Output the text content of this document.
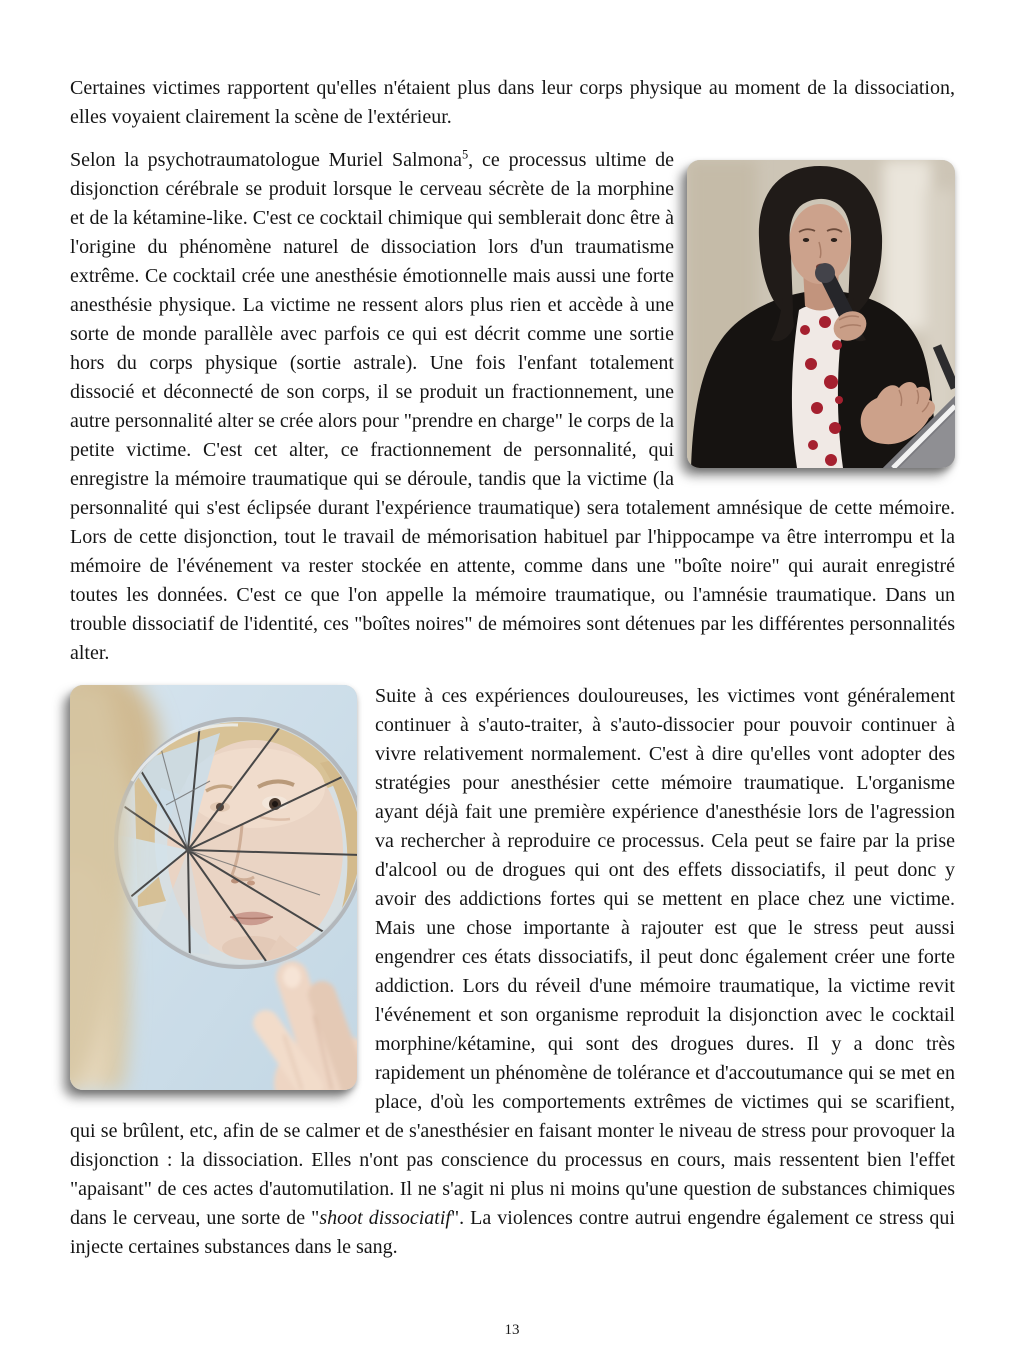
Certaines victimes rapportent qu'elles n'étaient plus dans leur corps physique au moment de la dissociation, elles voyaient clairement la scène de l'extérieur.

Selon la psychotraumatologue Muriel Salmona$^5$, ce processus ultime de disjonction cérébrale se produit lorsque le cerveau sécrète de la morphine et de la kétamine-like. C'est ce cocktail chimique qui semblerait donc être à l'origine du phénomène naturel de dissociation lors d'un traumatisme extrême. Ce cocktail crée une anesthésie émotionnelle mais aussi une forte anesthésie physique. La victime ne ressent alors plus rien et accède à une sorte de monde parallèle avec parfois ce qui est décrit comme une sortie hors du corps physique (sortie astrale). Une fois l'enfant totalement dissocié et déconnecté de son corps, il se produit un fractionnement, une autre personnalité alter se crée alors pour "prendre en charge" le corps de la petite victime. C'est cet alter, ce fractionnement de personnalité, qui enregistre la mémoire traumatique qui se déroule, tandis que la victime (la personnalité qui s'est éclipsée durant l'expérience traumatique) sera totalement amnésique de cette mémoire. Lors de cette disjonction, tout le travail de mémorisation habituel par l'hippocampe va être interrompu et la mémoire de l'événement va rester stockée en attente, comme dans une "boîte noire" qui aurait enregistré toutes les données. C'est ce que l'on appelle la mémoire traumatique, ou l'amnésie traumatique. Dans un trouble dissociatif de l'identité, ces "boîtes noires" de mémoires sont détenues par les différentes personnalités alter.
Suite à ces expériences douloureuses, les victimes vont généralement continuer à s'auto-traiter, à s'auto-dissocier pour pouvoir continuer à vivre relativement normalement. C'est à dire qu'elles vont adopter des stratégies pour anesthésier cette mémoire traumatique. L'organisme ayant déjà fait une première expérience d'anesthésie lors de l'agression va rechercher à reproduire ce processus. Cela peut se faire par la prise d'alcool ou de drogues qui ont des effets dissociatifs, il peut donc y avoir des addictions fortes qui se mettent en place chez une victime. Mais une chose importante à rajouter est que le stress peut aussi engendrer ces états dissociatifs, il peut donc également créer une forte addiction. Lors du réveil d'une mémoire traumatique, la victime revit l'événement et son organisme reproduit la disjonction avec le cocktail morphine/kétamine, qui sont des drogues dures. Il y a donc très rapidement un phénomène de tolérance et d'accoutumance qui se met en place, d'où les comportements extrêmes de victimes qui se scarifient, qui se brûlent, etc, afin de se calmer et de s'anesthésier en faisant monter le niveau de stress pour provoquer la disjonction : la dissociation. Elles n'ont pas conscience du processus en cours, mais ressentent bien l'effet "apaisant" de ces actes d'automutilation. Il ne s'agit ni plus ni moins qu'une question de substances chimiques dans le cerveau, une sorte de "shoot dissociatif". La violences contre autrui engendre également ce stress qui injecte certaines substances dans le sang.
13
